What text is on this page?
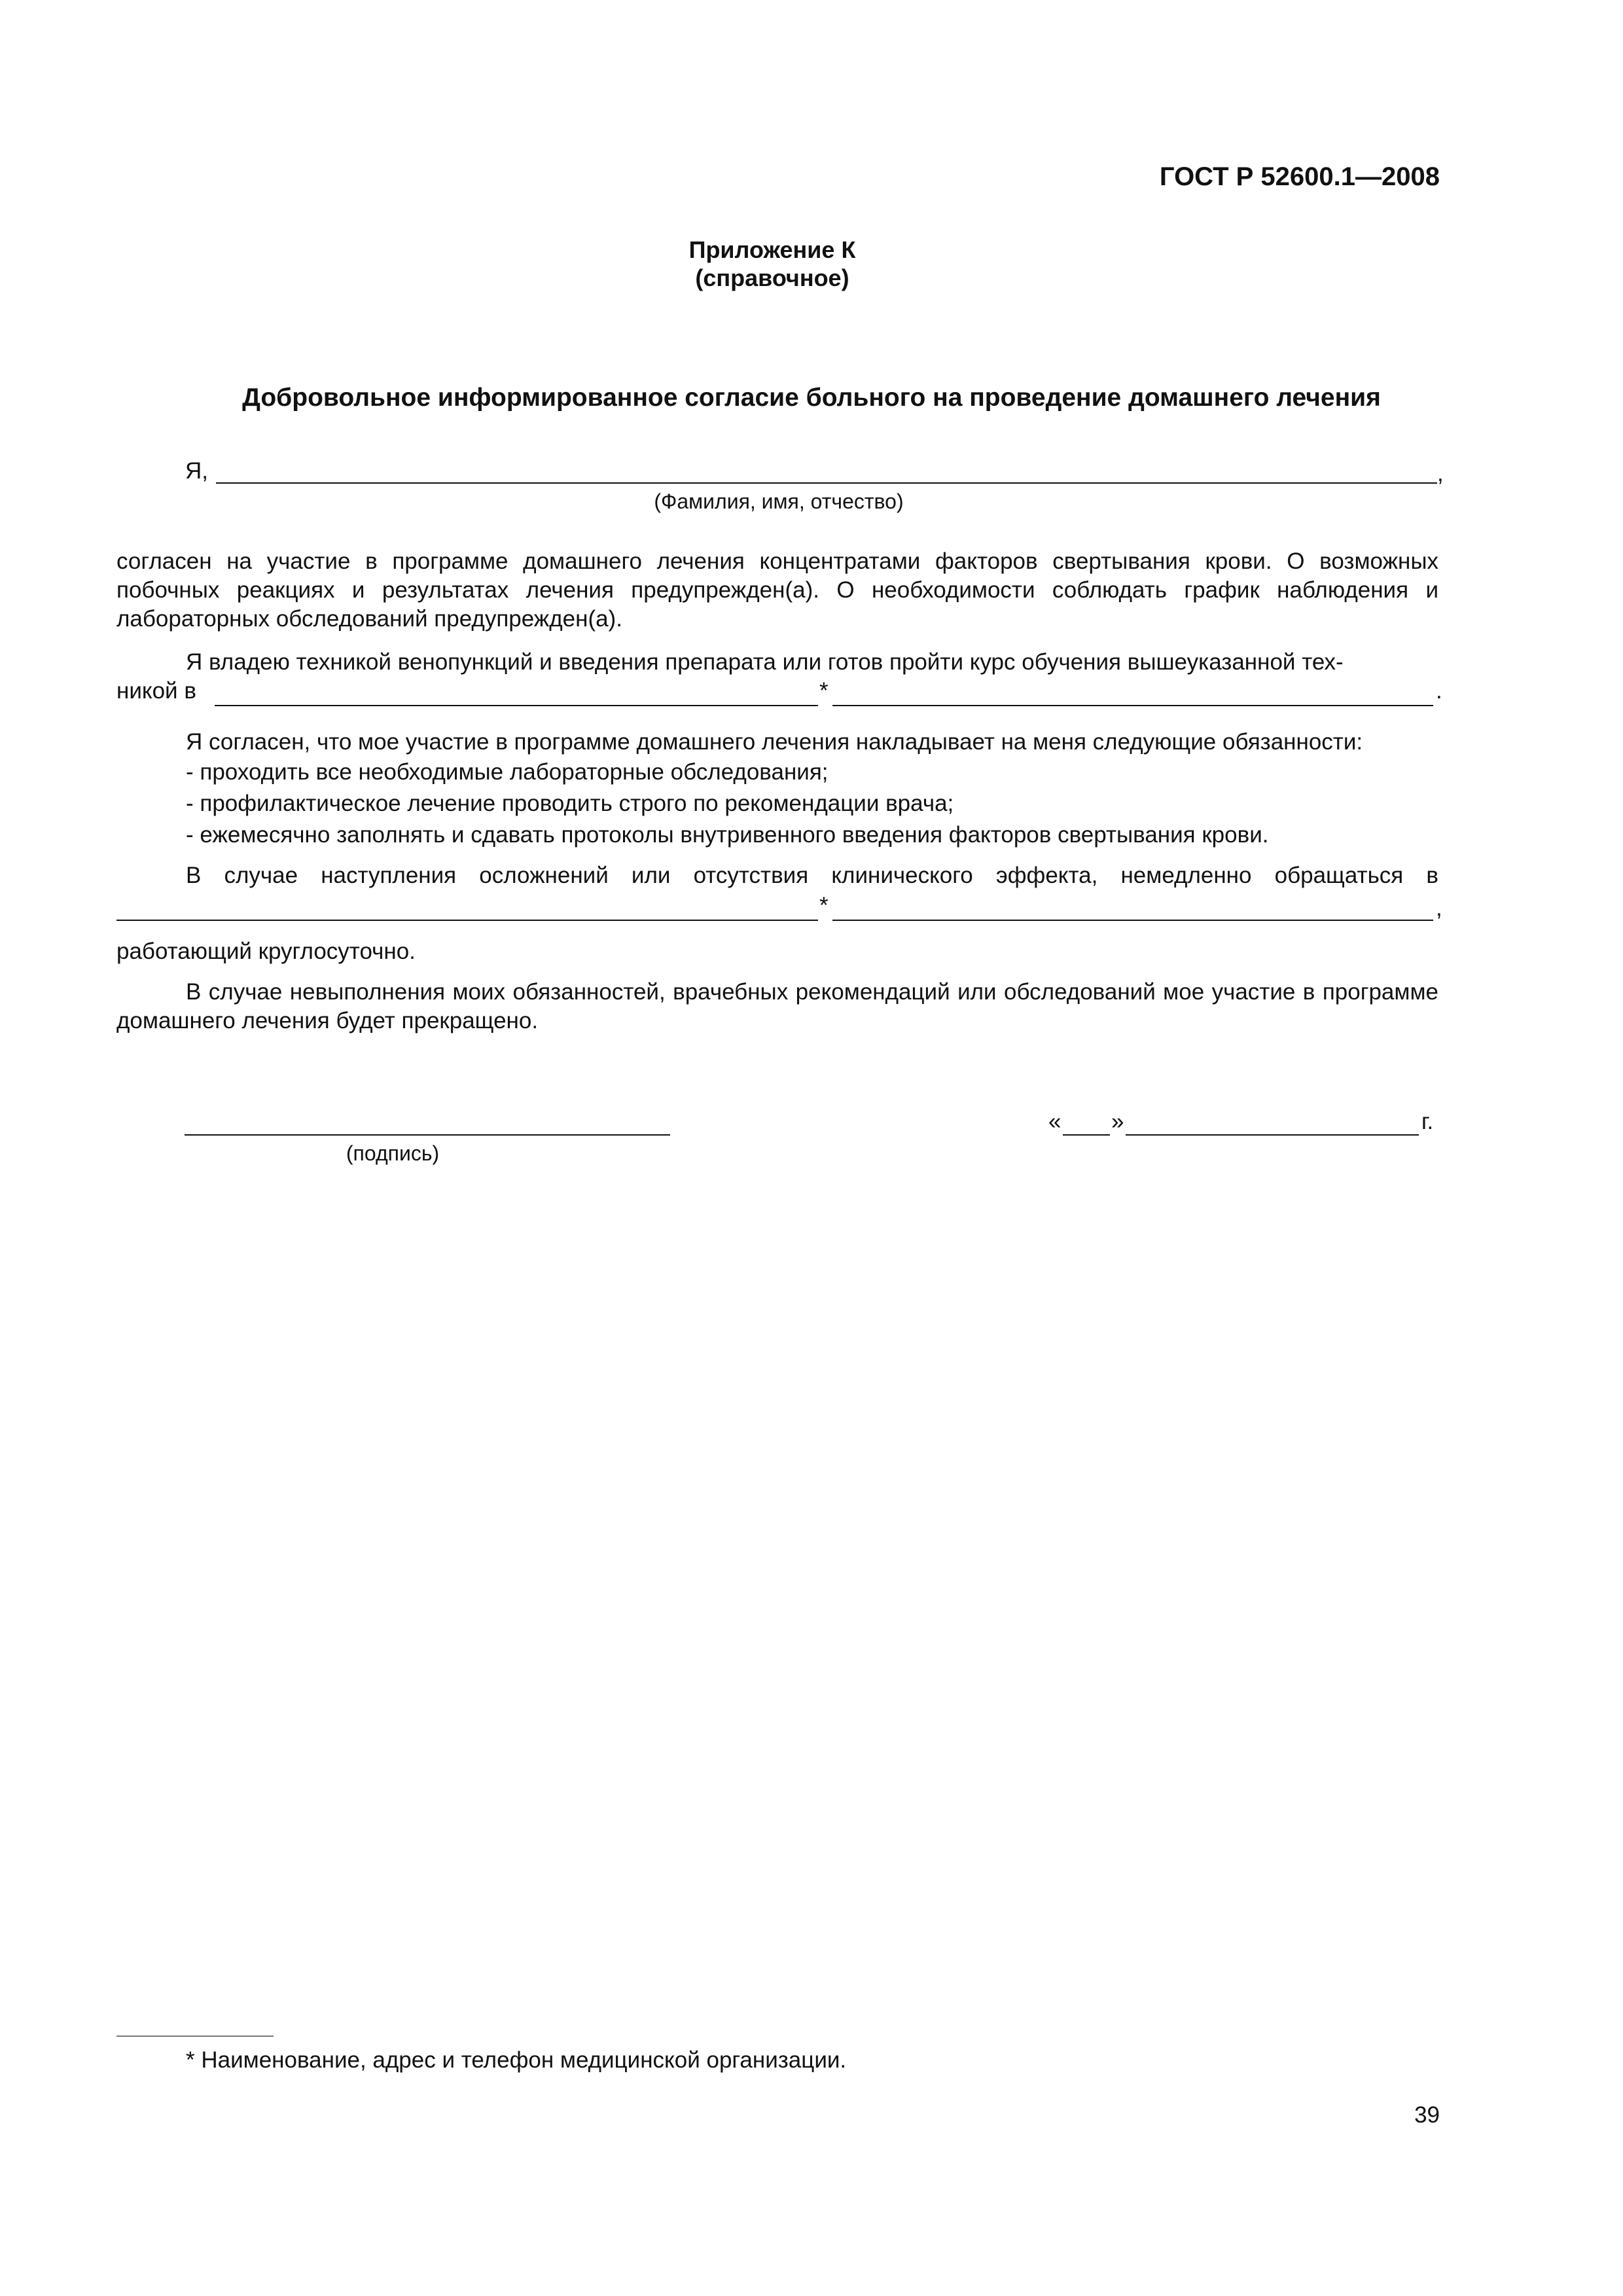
ГОСТ Р 52600.1—2008
Приложение К
(справочное)
Добровольное информированное согласие больного на проведение домашнего лечения
Я,	,
(Фамилия, имя, отчество)

согласен на участие в программе домашнего лечения концентратами факторов свертывания крови. О возможных побочных реакциях и результатах лечения предупрежден(а). О необходимости соблюдать график наблюдения и лабораторных обследований предупрежден(а).

Я владею техникой венопункций и введения препарата или готов пройти курс обучения вышеуказанной тех-

никой в	*	.

Я согласен, что мое участие в программе домашнего лечения накладывает на меня следующие обязанности:

- проходить все необходимые лабораторные обследования;
- профилактическое лечение проводить строго по рекомендации врача;
- ежемесячно заполнять и сдавать протоколы внутривенного введения факторов свертывания крови.

В случае наступления осложнений или отсутствия клинического эффекта, немедленно обращаться в

*	,
работающий круглосуточно.

В случае невыполнения моих обязанностей, врачебных рекомендаций или обследований мое участие в программе домашнего лечения будет прекращено.

(подпись)
« »	г.
* Наименование, адрес и телефон медицинской организации.
39
